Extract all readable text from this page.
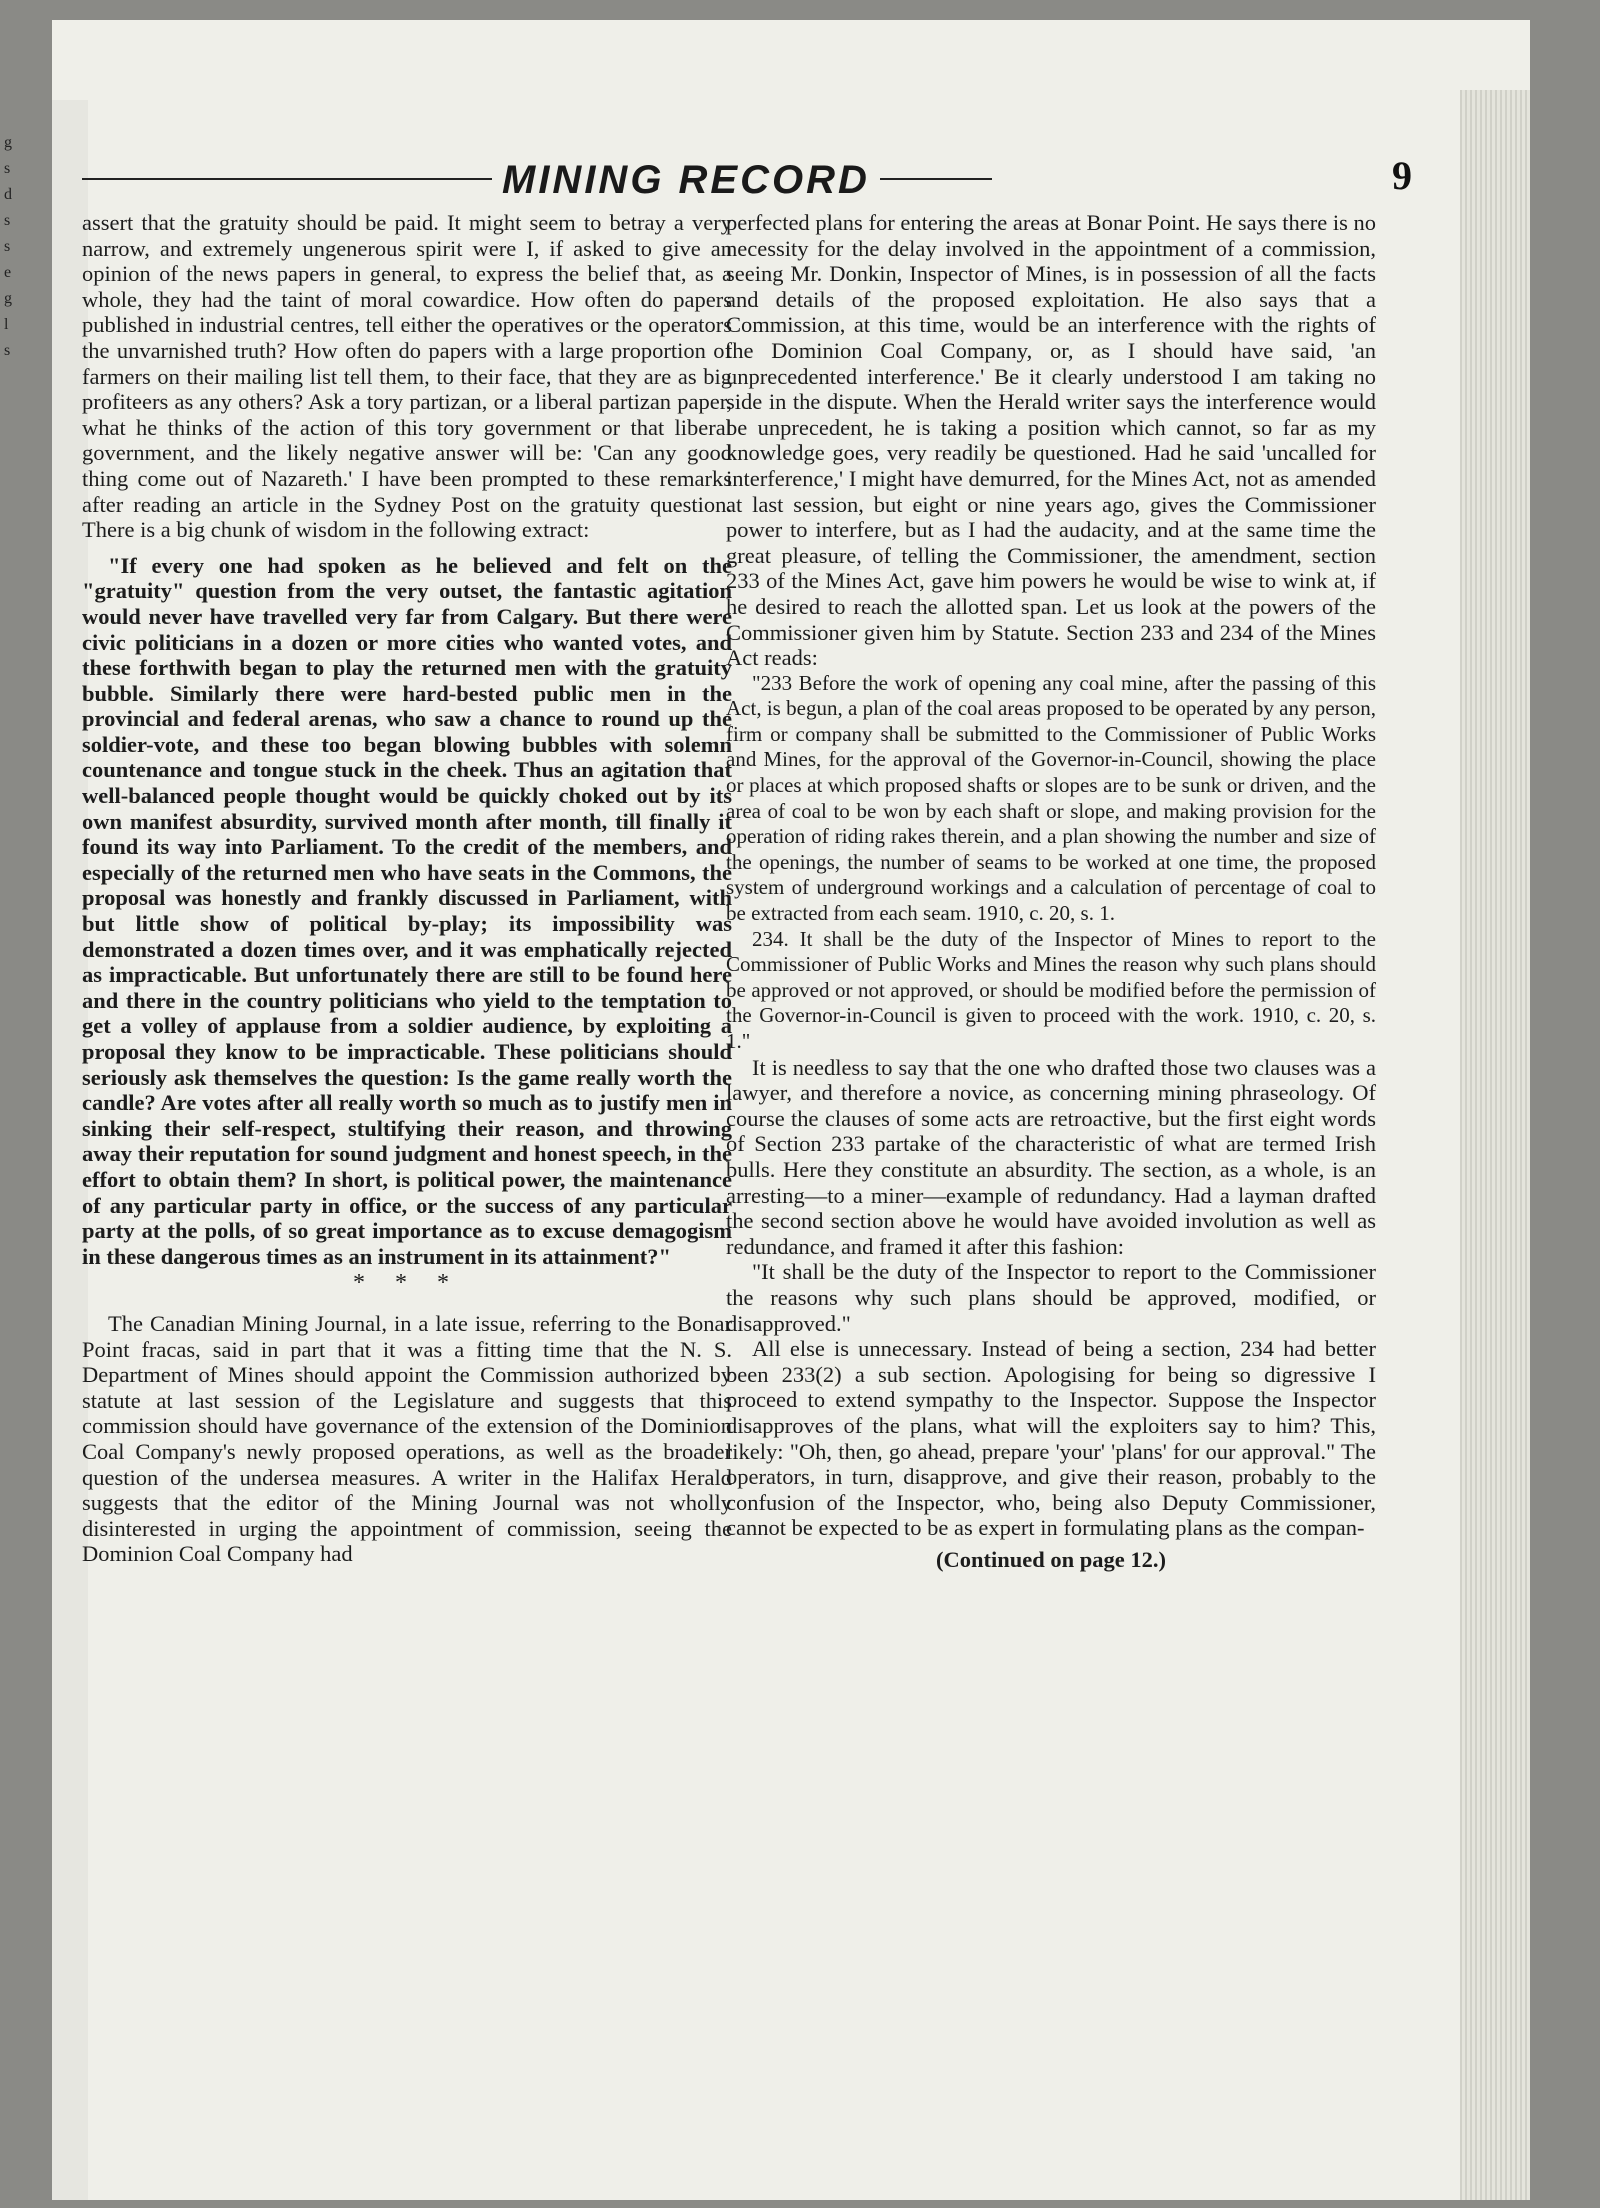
MINING RECORD	9

assert that the gratuity should be paid. It might seem to betray a very narrow, and extremely ungenerous spirit were I, if asked to give an opinion of the news papers in general, to express the belief that, as a whole, they had the taint of moral cowardice. How often do papers published in industrial centres, tell either the operatives or the operators the unvarnished truth? How often do papers with a large proportion of farmers on their mailing list tell them, to their face, that they are as big profiteers as any others? Ask a tory partizan, or a liberal partizan paper, what he thinks of the action of this tory government or that liberal government, and the likely negative answer will be: 'Can any good thing come out of Nazareth.' I have been prompted to these remarks after reading an article in the Sydney Post on the gratuity question. There is a big chunk of wisdom in the following extract:

"If every one had spoken as he believed and felt on the "gratuity" question from the very outset, the fantastic agitation would never have travelled very far from Calgary. But there were civic politicians in a dozen or more cities who wanted votes, and these forthwith began to play the returned men with the gratuity bubble. Similarly there were hard-bested public men in the provincial and federal arenas, who saw a chance to round up the soldier-vote, and these too began blowing bubbles with solemn countenance and tongue stuck in the cheek. Thus an agitation that well-balanced people thought would be quickly choked out by its own manifest absurdity, survived month after month, till finally it found its way into Parliament. To the credit of the members, and especially of the returned men who have seats in the Commons, the proposal was honestly and frankly discussed in Parliament, with but little show of political by-play; its impossibility was demonstrated a dozen times over, and it was emphatically rejected as impracticable. But unfortunately there are still to be found here and there in the country politicians who yield to the temptation to get a volley of applause from a soldier audience, by exploiting a proposal they know to be impracticable. These politicians should seriously ask themselves the question: Is the game really worth the candle? Are votes after all really worth so much as to justify men in sinking their self-respect, stultifying their reason, and throwing away their reputation for sound judgment and honest speech, in the effort to obtain them? In short, is political power, the maintenance of any particular party in office, or the success of any particular party at the polls, of so great importance as to excuse demagogism in these dangerous times as an instrument in its attainment?"

* * *

The Canadian Mining Journal, in a late issue, referring to the Bonar Point fracas, said in part that it was a fitting time that the N. S. Department of Mines should appoint the Commission authorized by statute at last session of the Legislature and suggests that this commission should have governance of the extension of the Dominion Coal Company's newly proposed operations, as well as the broader question of the undersea measures. A writer in the Halifax Herald suggests that the editor of the Mining Journal was not wholly disinterested in urging the appointment of commission, seeing the Dominion Coal Company had

perfected plans for entering the areas at Bonar Point. He says there is no necessity for the delay involved in the appointment of a commission, seeing Mr. Donkin, Inspector of Mines, is in possession of all the facts and details of the proposed exploitation. He also says that a Commission, at this time, would be an interference with the rights of the Dominion Coal Company, or, as I should have said, 'an unprecedented interference.' Be it clearly understood I am taking no side in the dispute. When the Herald writer says the interference would be unprecedent, he is taking a position which cannot, so far as my knowledge goes, very readily be questioned. Had he said 'uncalled for interference,' I might have demurred, for the Mines Act, not as amended at last session, but eight or nine years ago, gives the Commissioner power to interfere, but as I had the audacity, and at the same time the great pleasure, of telling the Commissioner, the amendment, section 233 of the Mines Act, gave him powers he would be wise to wink at, if he desired to reach the allotted span. Let us look at the powers of the Commissioner given him by Statute. Section 233 and 234 of the Mines Act reads:

"233 Before the work of opening any coal mine, after the passing of this Act, is begun, a plan of the coal areas proposed to be operated by any person, firm or company shall be submitted to the Commissioner of Public Works and Mines, for the approval of the Governor-in-Council, showing the place or places at which proposed shafts or slopes are to be sunk or driven, and the area of coal to be won by each shaft or slope, and making provision for the operation of riding rakes therein, and a plan showing the number and size of the openings, the number of seams to be worked at one time, the proposed system of underground workings and a calculation of percentage of coal to be extracted from each seam. 1910, c. 20, s. 1.

234. It shall be the duty of the Inspector of Mines to report to the Commissioner of Public Works and Mines the reason why such plans should be approved or not approved, or should be modified before the permission of the Governor-in-Council is given to proceed with the work. 1910, c. 20, s. 1."

It is needless to say that the one who drafted those two clauses was a lawyer, and therefore a novice, as concerning mining phraseology. Of course the clauses of some acts are retroactive, but the first eight words of Section 233 partake of the characteristic of what are termed Irish bulls. Here they constitute an absurdity. The section, as a whole, is an arresting—to a miner—example of redundancy. Had a layman drafted the second section above he would have avoided involution as well as redundance, and framed it after this fashion:

"It shall be the duty of the Inspector to report to the Commissioner the reasons why such plans should be approved, modified, or disapproved."

All else is unnecessary. Instead of being a section, 234 had better been 233(2) a sub section. Apologising for being so digressive I proceed to extend sympathy to the Inspector. Suppose the Inspector disapproves of the plans, what will the exploiters say to him? This, likely: "Oh, then, go ahead, prepare 'your' 'plans' for our approval." The operators, in turn, disapprove, and give their reason, probably to the confusion of the Inspector, who, being also Deputy Commissioner, cannot be expected to be as expert in formulating plans as the compan-

(Continued on page 12.)
g
s
d
s
s
e
g
l
s
